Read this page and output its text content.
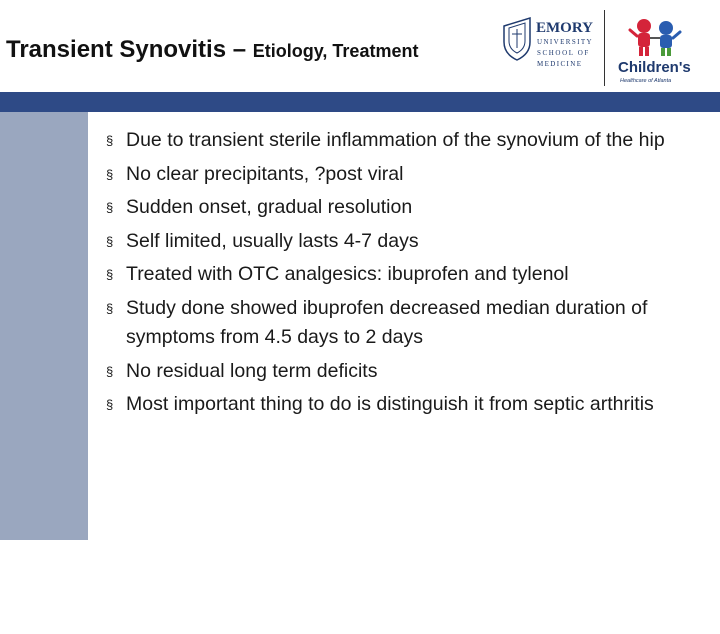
Transient Synovitis – Etiology, Treatment
EMORY
UNIVERSITY
SCHOOL OF
MEDICINE Children's
Healthcare of Atlanta
4
§ Due to transient sterile inflammation of the synovium of the hip
§ No clear precipitants, ?post viral
§ Sudden onset, gradual resolution
§ Self limited, usually lasts 4-7 days
§ Treated with OTC analgesics: ibuprofen and tylenol
§ Study done showed ibuprofen decreased median duration of symptoms from 4.5 days to 2 days
§ No residual long term deficits
§ Most important thing to do is distinguish it from septic arthritis
